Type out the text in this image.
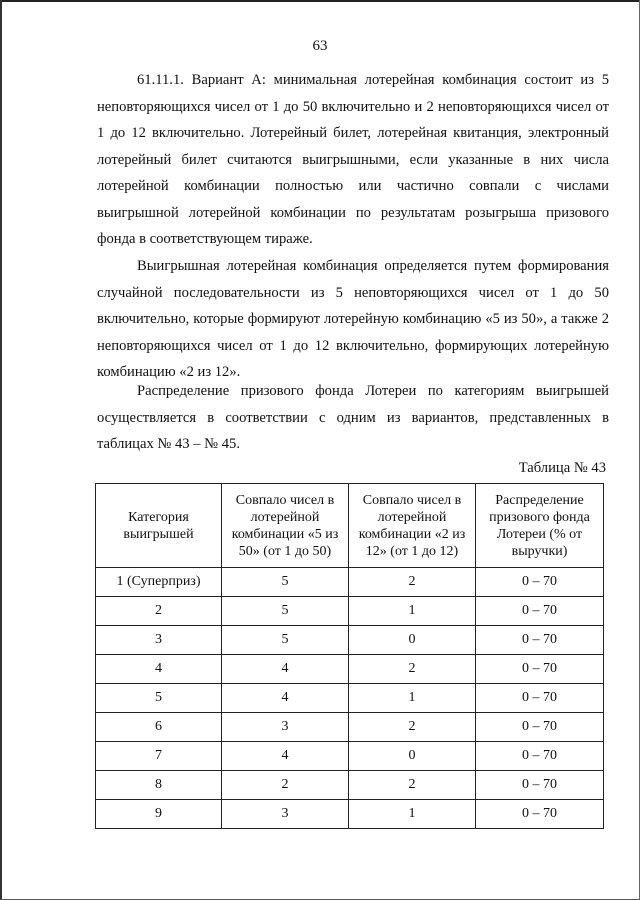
63

61.11.1. Вариант А: минимальная лотерейная комбинация состоит из 5 неповторяющихся чисел от 1 до 50 включительно и 2 неповторяющихся чисел от 1 до 12 включительно. Лотерейный билет, лотерейная квитанция, электронный лотерейный билет считаются выигрышными, если указанные в них числа лотерейной комбинации полностью или частично совпали с числами выигрышной лотерейной комбинации по результатам розыгрыша призового фонда в соответствующем тираже.

Выигрышная лотерейная комбинация определяется путем формирования случайной последовательности из 5 неповторяющихся чисел от 1 до 50 включительно, которые формируют лотерейную комбинацию «5 из 50», а также 2 неповторяющихся чисел от 1 до 12 включительно, формирующих лотерейную комбинацию «2 из 12».

Распределение призового фонда Лотереи по категориям выигрышей осуществляется в соответствии с одним из вариантов, представленных в таблицах № 43 – № 45.

Таблица № 43
Категория выигрышей	Совпало чисел в лотерейной комбинации «5 из 50» (от 1 до 50)	Совпало чисел в лотерейной комбинации «2 из 12» (от 1 до 12)	Распределение призового фонда Лотереи (% от выручки)
1 (Суперприз)	5	2	0 – 70
2	5	1	0 – 70
3	5	0	0 – 70
4	4	2	0 – 70
5	4	1	0 – 70
6	3	2	0 – 70
7	4	0	0 – 70
8	2	2	0 – 70
9	3	1	0 – 70
